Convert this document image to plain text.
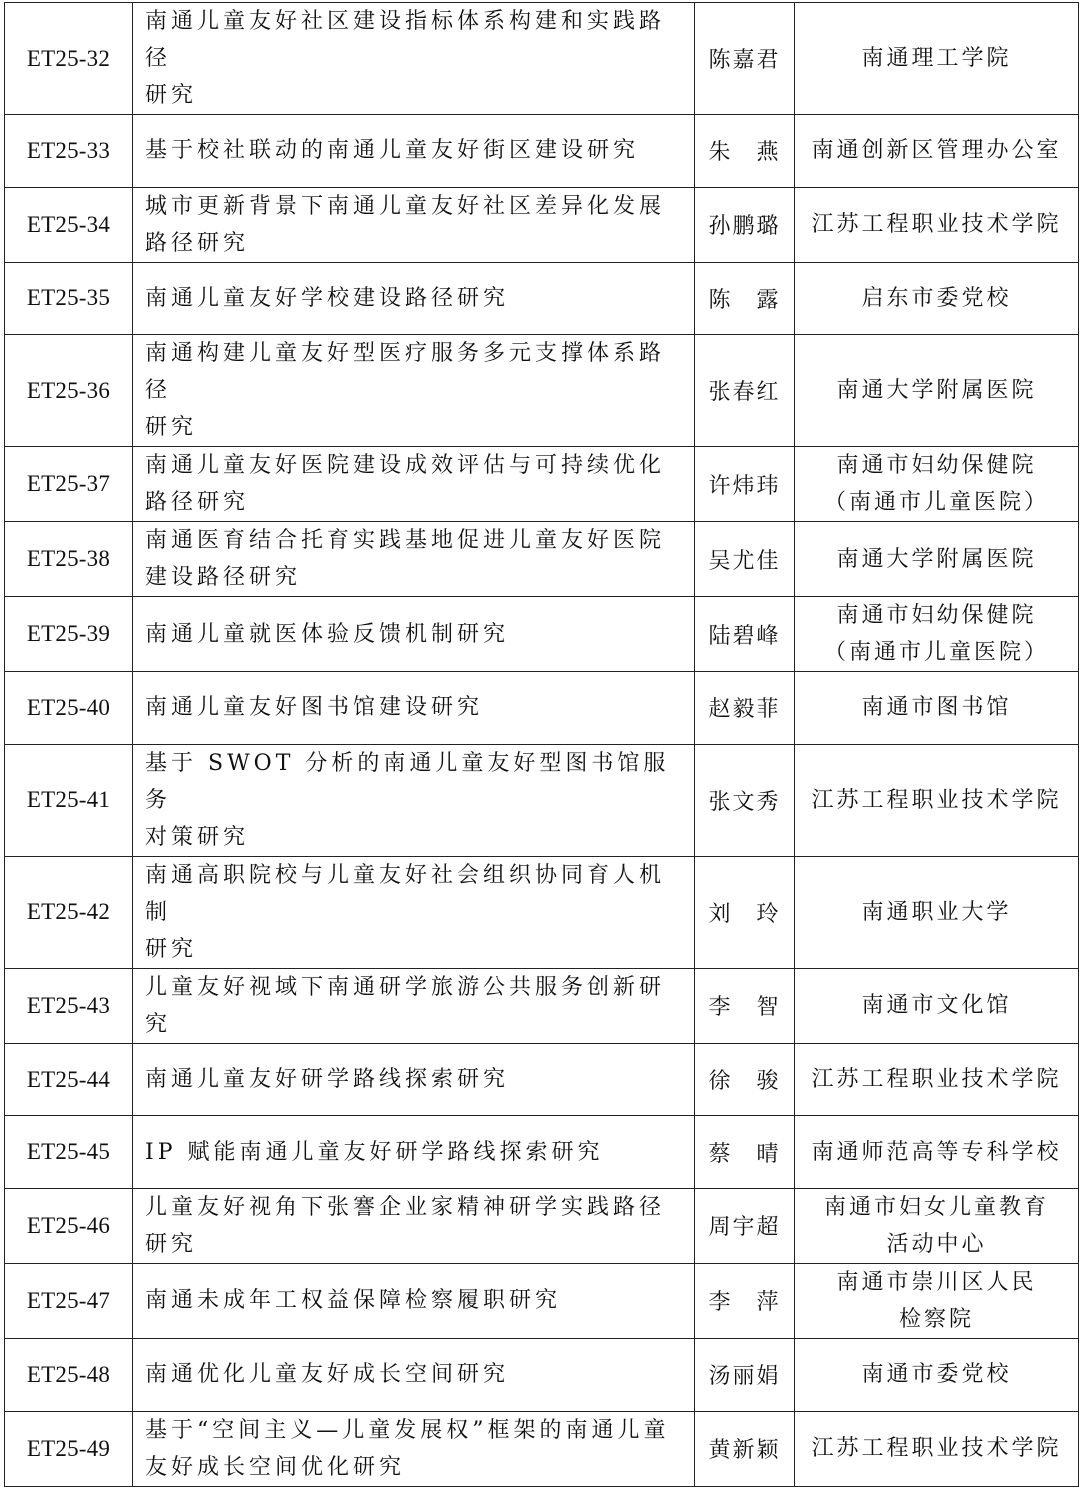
ET25-32	南通儿童友好社区建设指标体系构建和实践路径
研究	陈嘉君	南通理工学院

ET25-33	基于校社联动的南通儿童友好街区建设研究	朱　燕	南通创新区管理办公室

ET25-34	城市更新背景下南通儿童友好社区差异化发展
路径研究	孙鹏璐	江苏工程职业技术学院

ET25-35	南通儿童友好学校建设路径研究	陈　露	启东市委党校

ET25-36	南通构建儿童友好型医疗服务多元支撑体系路径
研究	张春红	南通大学附属医院

ET25-37	南通儿童友好医院建设成效评估与可持续优化
路径研究	许炜玮	南通市妇幼保健院
（南通市儿童医院）

ET25-38	南通医育结合托育实践基地促进儿童友好医院
建设路径研究	吴尤佳	南通大学附属医院

ET25-39	南通儿童就医体验反馈机制研究	陆碧峰	南通市妇幼保健院
（南通市儿童医院）

ET25-40	南通儿童友好图书馆建设研究	赵毅菲	南通市图书馆

ET25-41	基于 SWOT 分析的南通儿童友好型图书馆服务
对策研究	张文秀	江苏工程职业技术学院

ET25-42	南通高职院校与儿童友好社会组织协同育人机制
研究	刘　玲	南通职业大学

ET25-43	儿童友好视域下南通研学旅游公共服务创新研究	李　智	南通市文化馆

ET25-44	南通儿童友好研学路线探索研究	徐　骏	江苏工程职业技术学院

ET25-45	IP 赋能南通儿童友好研学路线探索研究	蔡　晴	南通师范高等专科学校

ET25-46	儿童友好视角下张謇企业家精神研学实践路径
研究	周宇超	南通市妇女儿童教育
活动中心

ET25-47	南通未成年工权益保障检察履职研究	李　萍	南通市崇川区人民
检察院

ET25-48	南通优化儿童友好成长空间研究	汤丽娟	南通市委党校

ET25-49	基于“空间主义—儿童发展权”框架的南通儿童
友好成长空间优化研究	黄新颖	江苏工程职业技术学院
